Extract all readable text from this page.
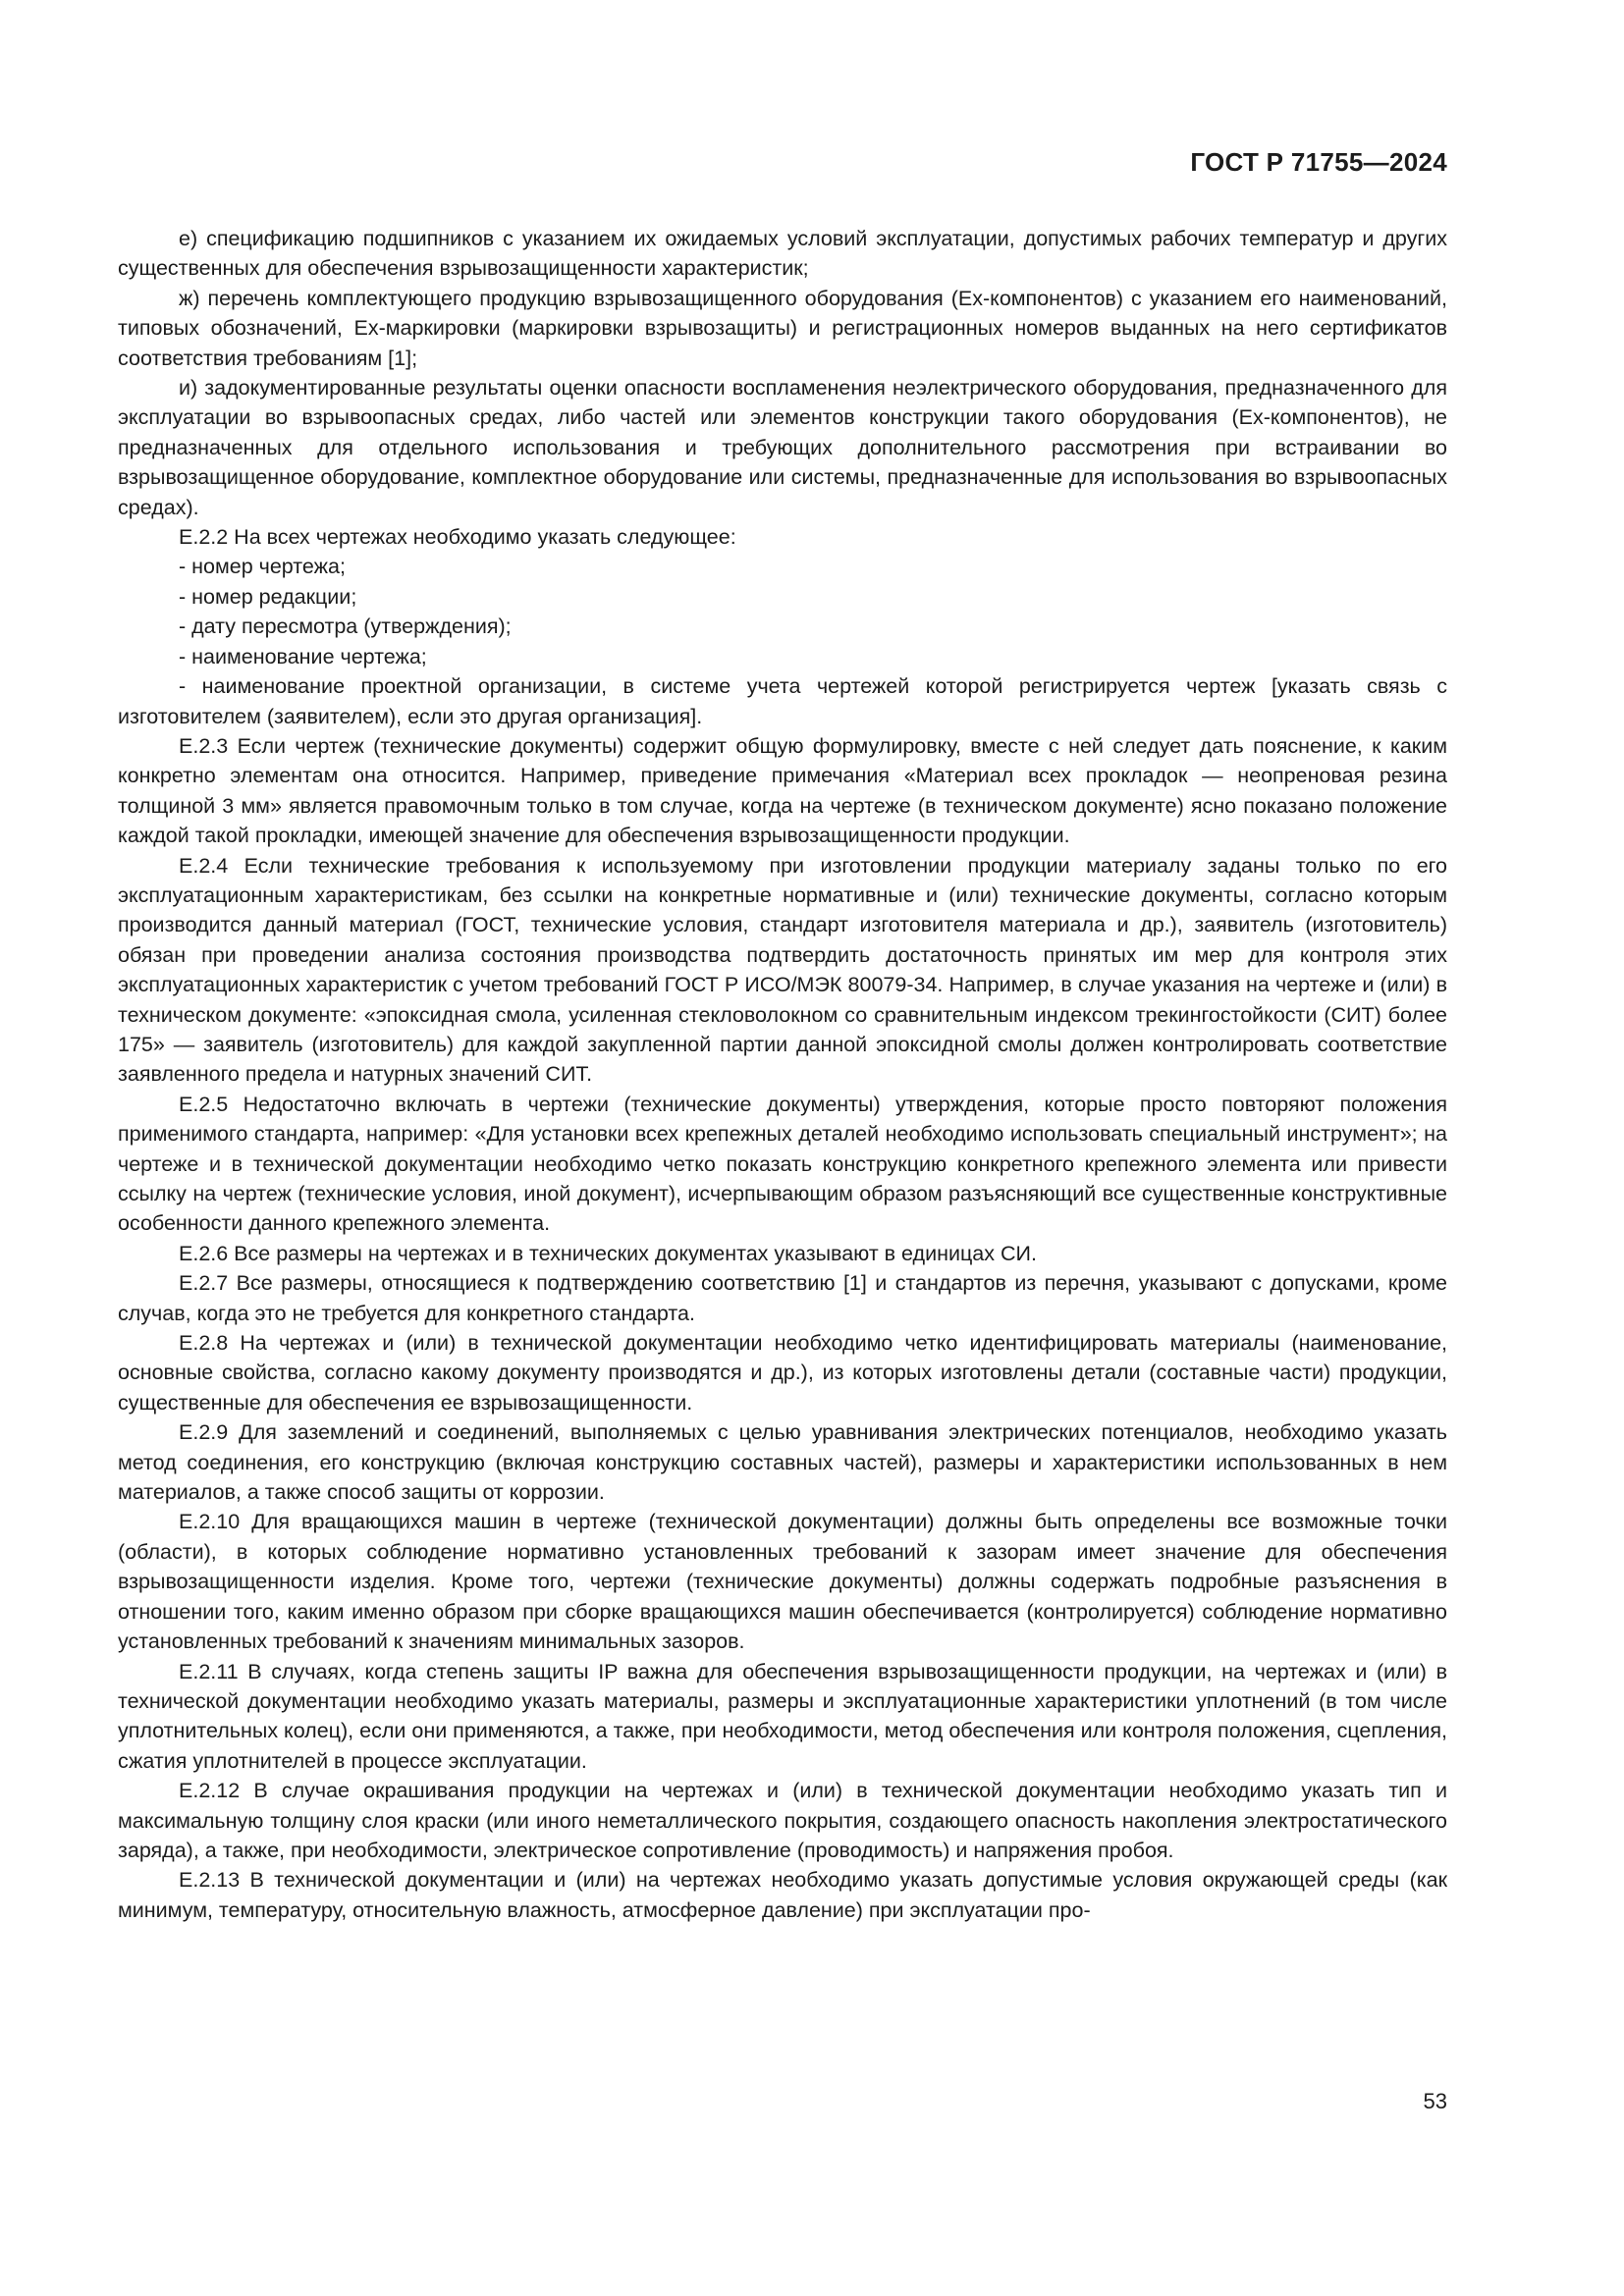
ГОСТ Р 71755—2024

е) спецификацию подшипников с указанием их ожидаемых условий эксплуатации, допустимых рабочих температур и других существенных для обеспечения взрывозащищенности характеристик;

ж) перечень комплектующего продукцию взрывозащищенного оборудования (Ех-компонентов) с указанием его наименований, типовых обозначений, Ех-маркировки (маркировки взрывозащиты) и регистрационных номеров выданных на него сертификатов соответствия требованиям [1];

и) задокументированные результаты оценки опасности воспламенения неэлектрического оборудования, предназначенного для эксплуатации во взрывоопасных средах, либо частей или элементов конструкции такого оборудования (Ех-компонентов), не предназначенных для отдельного использования и требующих дополнительного рассмотрения при встраивании во взрывозащищенное оборудование, комплектное оборудование или системы, предназначенные для использования во взрывоопасных средах).

Е.2.2 На всех чертежах необходимо указать следующее:

- номер чертежа;

- номер редакции;

- дату пересмотра (утверждения);

- наименование чертежа;

- наименование проектной организации, в системе учета чертежей которой регистрируется чертеж [указать связь с изготовителем (заявителем), если это другая организация].

Е.2.3 Если чертеж (технические документы) содержит общую формулировку, вместе с ней следует дать пояснение, к каким конкретно элементам она относится. Например, приведение примечания «Материал всех прокладок — неопреновая резина толщиной 3 мм» является правомочным только в том случае, когда на чертеже (в техническом документе) ясно показано положение каждой такой прокладки, имеющей значение для обеспечения взрывозащищенности продукции.

Е.2.4 Если технические требования к используемому при изготовлении продукции материалу заданы только по его эксплуатационным характеристикам, без ссылки на конкретные нормативные и (или) технические документы, согласно которым производится данный материал (ГОСТ, технические условия, стандарт изготовителя материала и др.), заявитель (изготовитель) обязан при проведении анализа состояния производства подтвердить достаточность принятых им мер для контроля этих эксплуатационных характеристик с учетом требований ГОСТ Р ИСО/МЭК 80079-34. Например, в случае указания на чертеже и (или) в техническом документе: «эпоксидная смола, усиленная стекловолокном со сравнительным индексом трекингостойкости (СИТ) более 175» — заявитель (изготовитель) для каждой закупленной партии данной эпоксидной смолы должен контролировать соответствие заявленного предела и натурных значений СИТ.

Е.2.5 Недостаточно включать в чертежи (технические документы) утверждения, которые просто повторяют положения применимого стандарта, например: «Для установки всех крепежных деталей необходимо использовать специальный инструмент»; на чертеже и в технической документации необходимо четко показать конструкцию конкретного крепежного элемента или привести ссылку на чертеж (технические условия, иной документ), исчерпывающим образом разъясняющий все существенные конструктивные особенности данного крепежного элемента.

Е.2.6 Все размеры на чертежах и в технических документах указывают в единицах СИ.

Е.2.7 Все размеры, относящиеся к подтверждению соответствию [1] и стандартов из перечня, указывают с допусками, кроме случав, когда это не требуется для конкретного стандарта.

Е.2.8 На чертежах и (или) в технической документации необходимо четко идентифицировать материалы (наименование, основные свойства, согласно какому документу производятся и др.), из которых изготовлены детали (составные части) продукции, существенные для обеспечения ее взрывозащищенности.

Е.2.9 Для заземлений и соединений, выполняемых с целью уравнивания электрических потенциалов, необходимо указать метод соединения, его конструкцию (включая конструкцию составных частей), размеры и характеристики использованных в нем материалов, а также способ защиты от коррозии.

Е.2.10 Для вращающихся машин в чертеже (технической документации) должны быть определены все возможные точки (области), в которых соблюдение нормативно установленных требований к зазорам имеет значение для обеспечения взрывозащищенности изделия. Кроме того, чертежи (технические документы) должны содержать подробные разъяснения в отношении того, каким именно образом при сборке вращающихся машин обеспечивается (контролируется) соблюдение нормативно установленных требований к значениям минимальных зазоров.

Е.2.11 В случаях, когда степень защиты IP важна для обеспечения взрывозащищенности продукции, на чертежах и (или) в технической документации необходимо указать материалы, размеры и эксплуатационные характеристики уплотнений (в том числе уплотнительных колец), если они применяются, а также, при необходимости, метод обеспечения или контроля положения, сцепления, сжатия уплотнителей в процессе эксплуатации.

Е.2.12 В случае окрашивания продукции на чертежах и (или) в технической документации необходимо указать тип и максимальную толщину слоя краски (или иного неметаллического покрытия, создающего опасность накопления электростатического заряда), а также, при необходимости, электрическое сопротивление (проводимость) и напряжения пробоя.

Е.2.13 В технической документации и (или) на чертежах необходимо указать допустимые условия окружающей среды (как минимум, температуру, относительную влажность, атмосферное давление) при эксплуатации про-

53
